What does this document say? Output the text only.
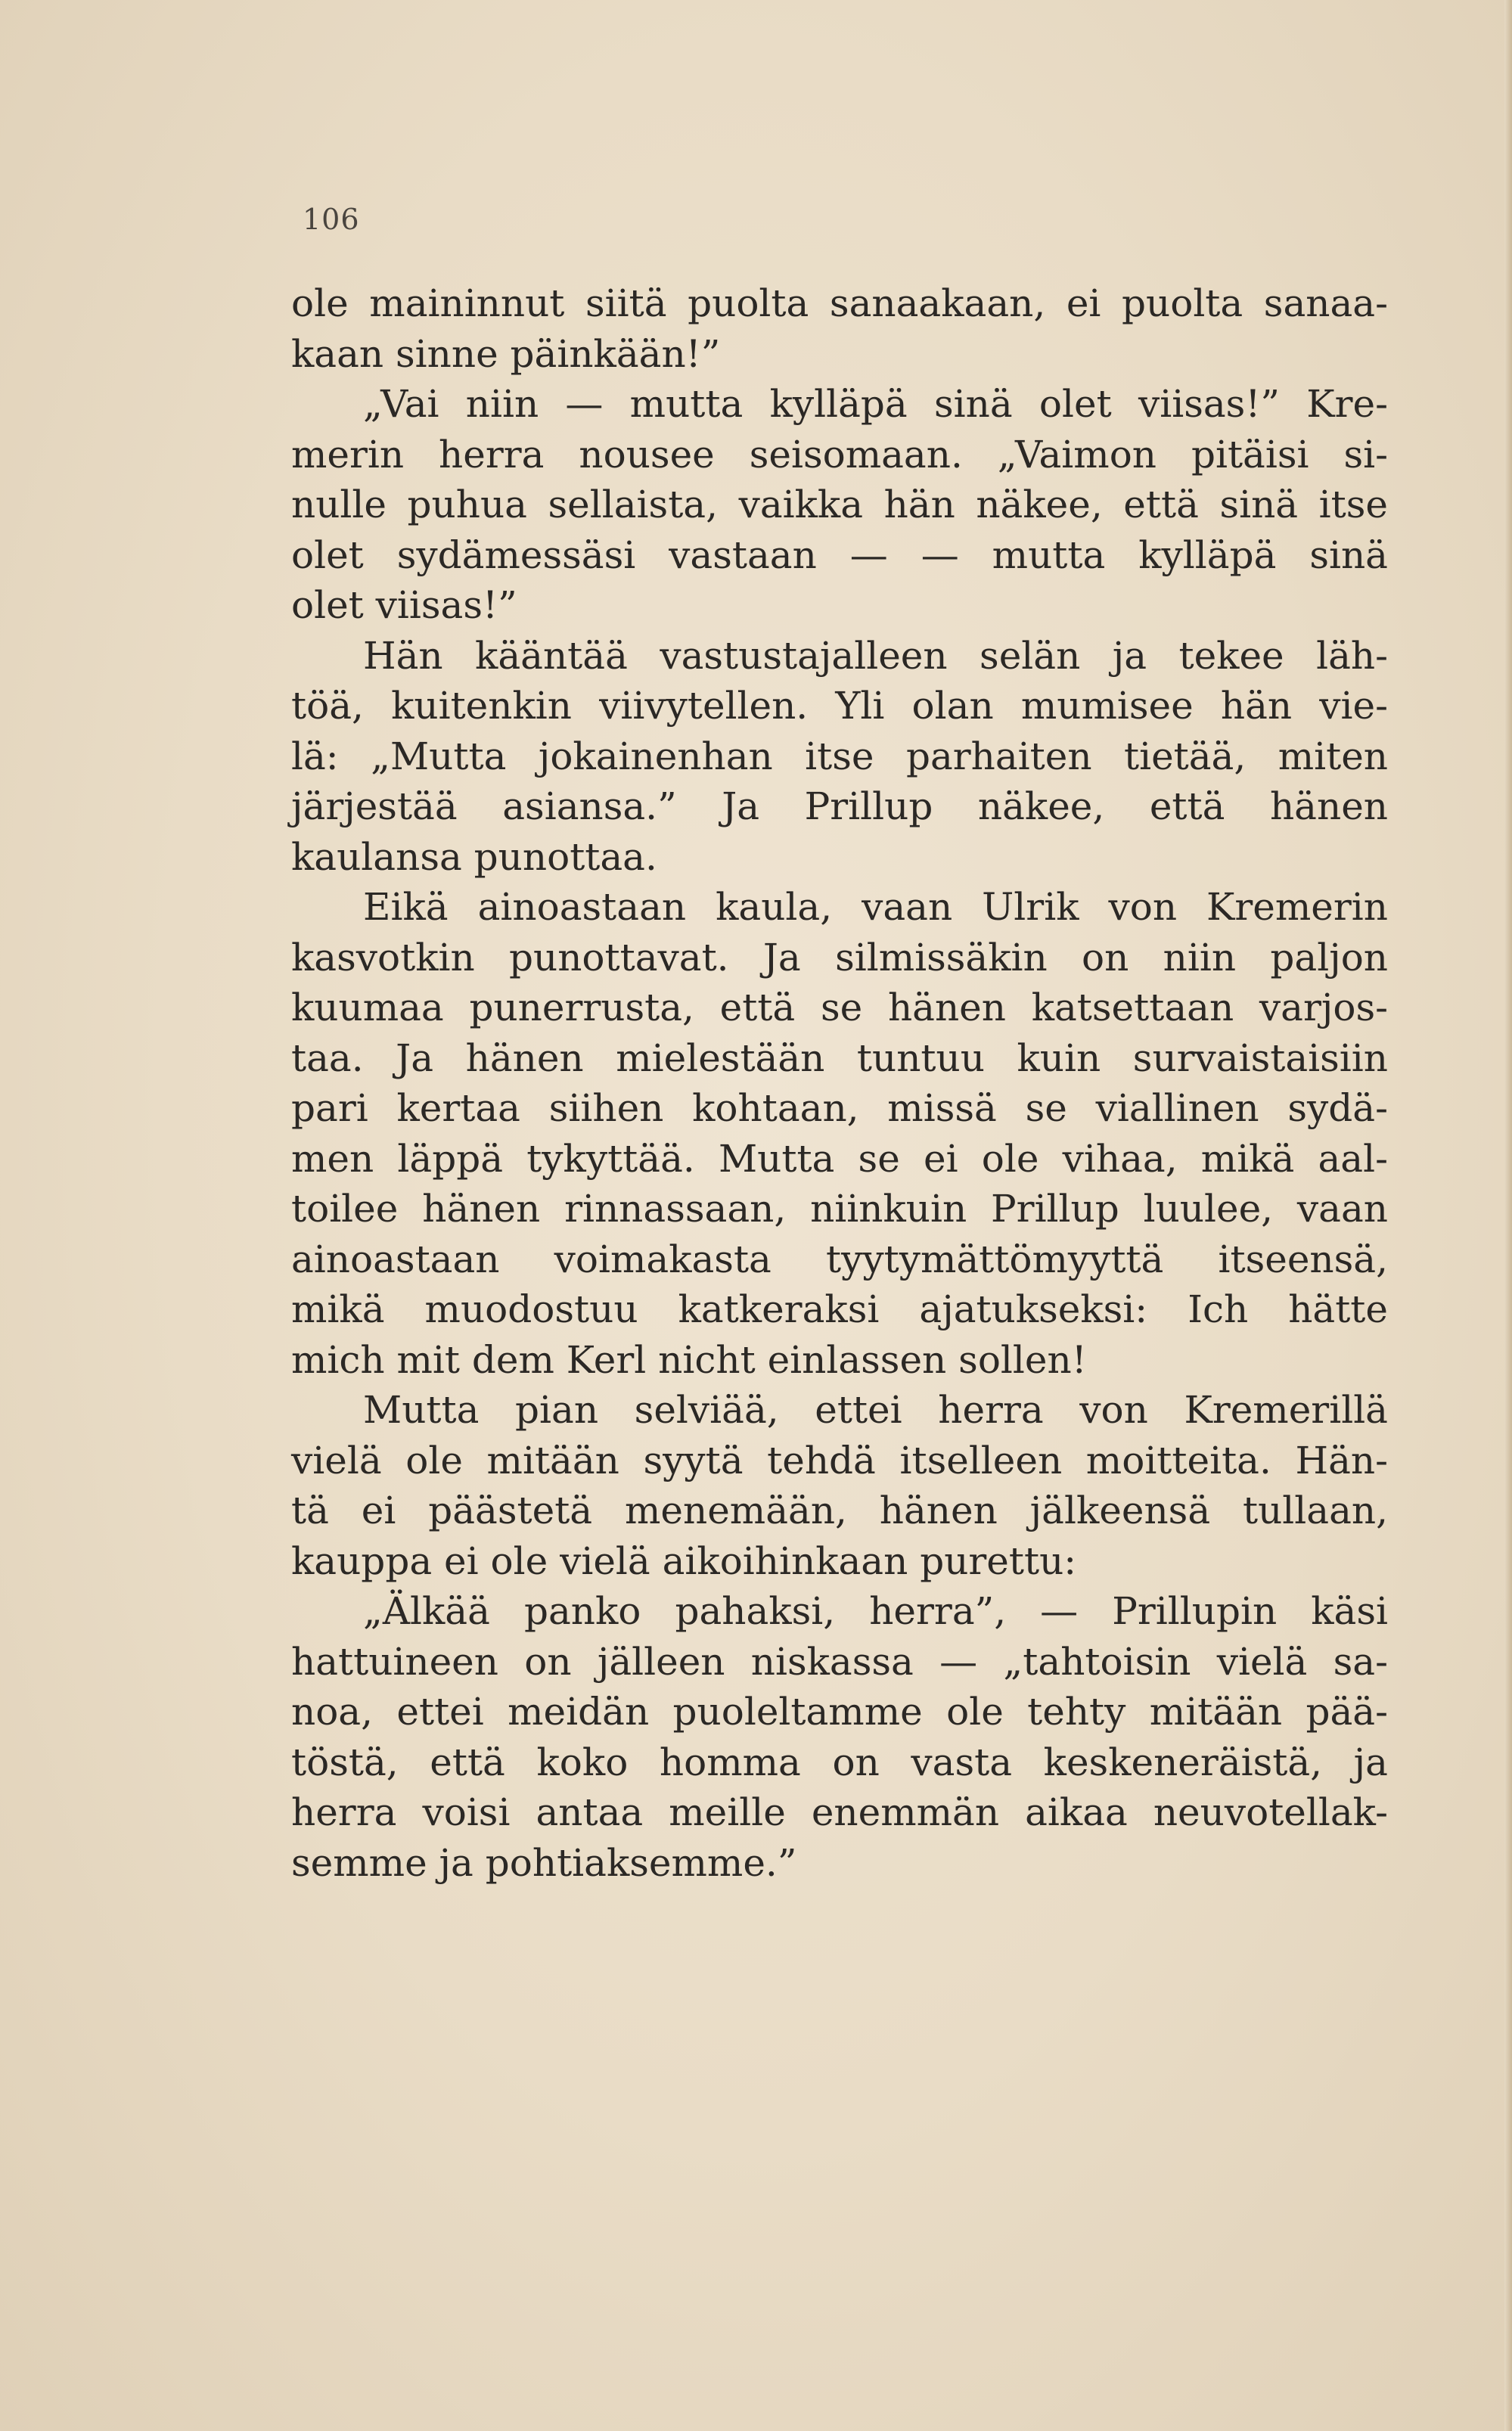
106
ole maininnut siitä puolta sanaakaan, ei puolta sanaa-
kaan sinne päinkään!”
„Vai niin — mutta kylläpä sinä olet viisas!” Kre-
merin herra nousee seisomaan. „Vaimon pitäisi si-
nulle puhua sellaista, vaikka hän näkee, että sinä itse
olet sydämessäsi vastaan — — mutta kylläpä sinä
olet viisas!”
Hän kääntää vastustajalleen selän ja tekee läh-
töä, kuitenkin viivytellen. Yli olan mumisee hän vie-
lä: „Mutta jokainenhan itse parhaiten tietää, miten
järjestää asiansa.” Ja Prillup näkee, että hänen
kaulansa punottaa.
Eikä ainoastaan kaula, vaan Ulrik von Kremerin
kasvotkin punottavat. Ja silmissäkin on niin paljon
kuumaa punerrusta, että se hänen katsettaan varjos-
taa. Ja hänen mielestään tuntuu kuin survaistaisiin
pari kertaa siihen kohtaan, missä se viallinen sydä-
men läppä tykyttää. Mutta se ei ole vihaa, mikä aal-
toilee hänen rinnassaan, niinkuin Prillup luulee, vaan
ainoastaan voimakasta tyytymättömyyttä itseensä,
mikä muodostuu katkeraksi ajatukseksi: Ich hätte
mich mit dem Kerl nicht einlassen sollen!
Mutta pian selviää, ettei herra von Kremerillä
vielä ole mitään syytä tehdä itselleen moitteita. Hän-
tä ei päästetä menemään, hänen jälkeensä tullaan,
kauppa ei ole vielä aikoihinkaan purettu:
„Älkää panko pahaksi, herra”, — Prillupin käsi
hattuineen on jälleen niskassa — „tahtoisin vielä sa-
noa, ettei meidän puoleltamme ole tehty mitään pää-
töstä, että koko homma on vasta keskeneräistä, ja
herra voisi antaa meille enemmän aikaa neuvotellak-
semme ja pohtiaksemme.”
